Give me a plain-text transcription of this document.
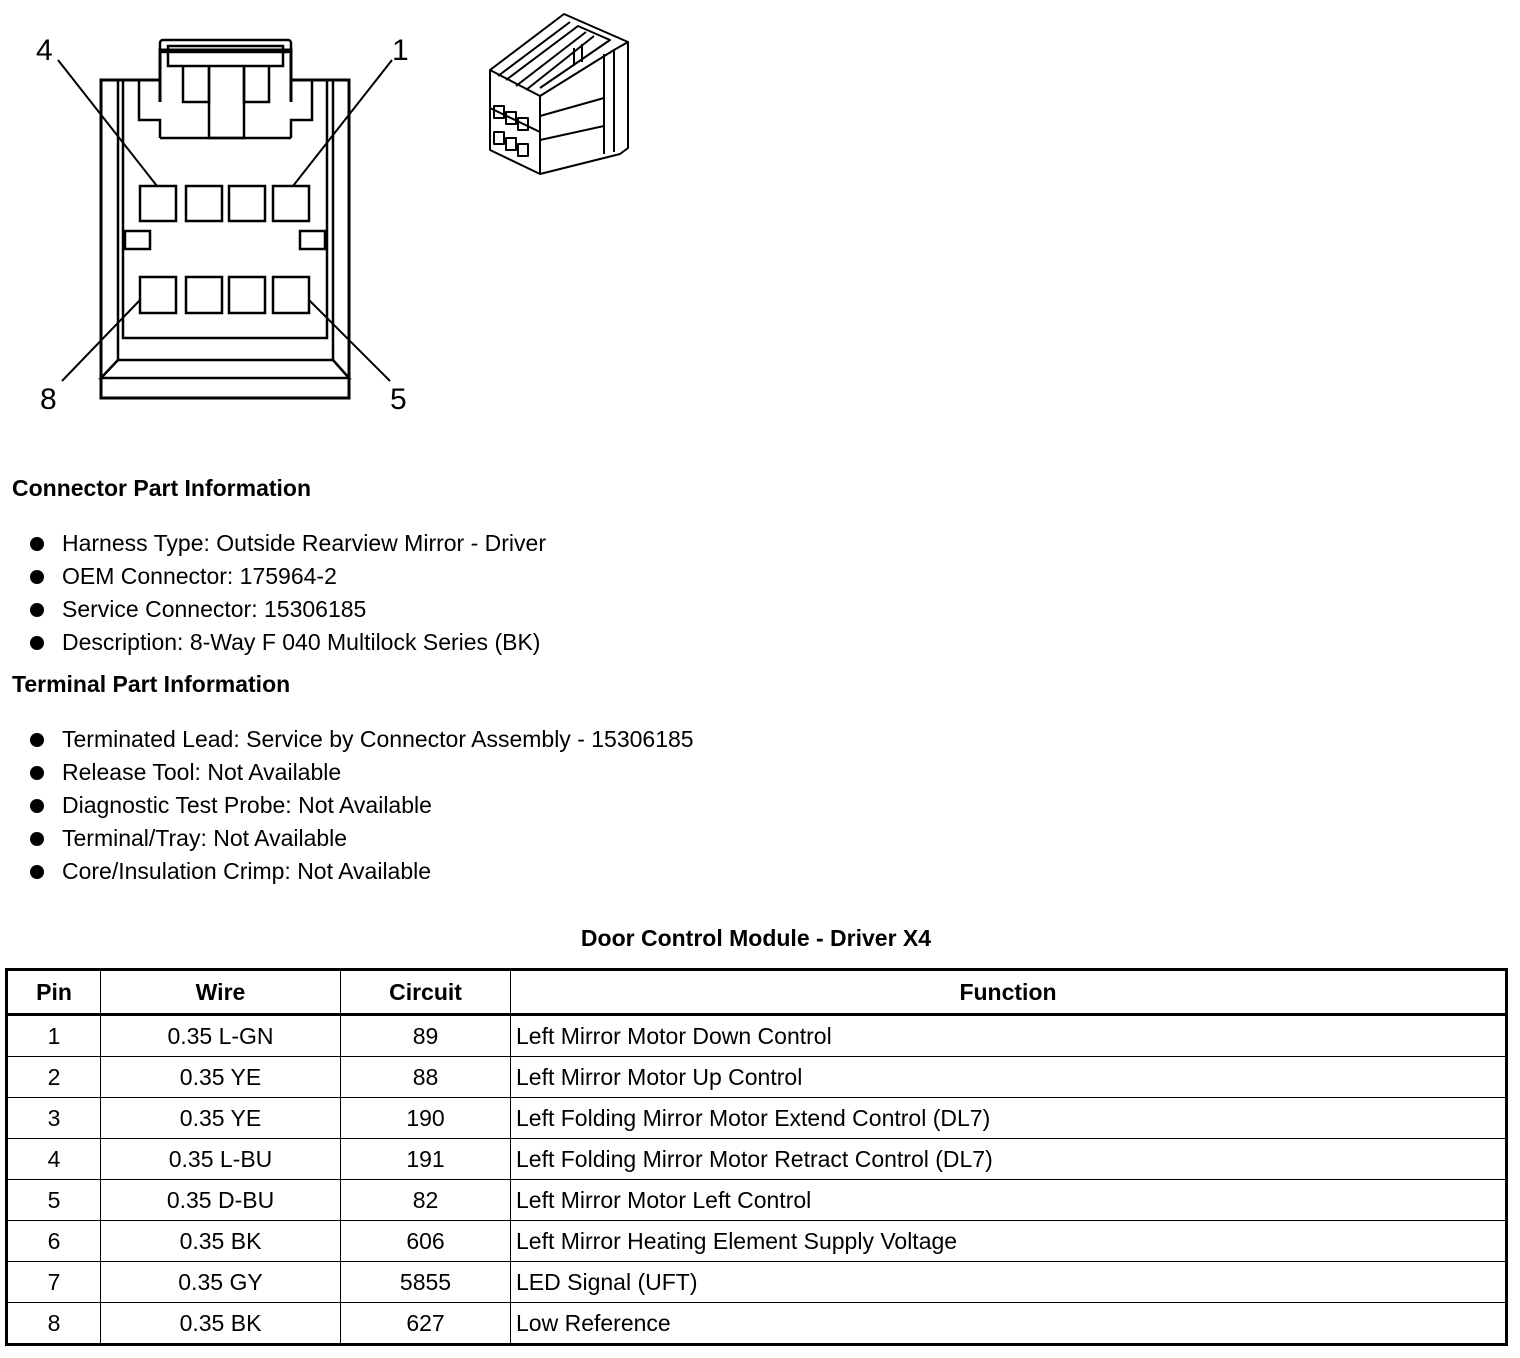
4	1
8	5
Connector Part Information
Harness Type: Outside Rearview Mirror - Driver
OEM Connector: 175964-2
Service Connector: 15306185
Description: 8-Way F 040 Multilock Series (BK)
Terminal Part Information
Terminated Lead: Service by Connector Assembly - 15306185
Release Tool: Not Available
Diagnostic Test Probe: Not Available
Terminal/Tray: Not Available
Core/Insulation Crimp: Not Available
Door Control Module - Driver X4
Pin	Wire	Circuit	Function
1	0.35 L-GN	89	Left Mirror Motor Down Control
2	0.35 YE	88	Left Mirror Motor Up Control
3	0.35 YE	190	Left Folding Mirror Motor Extend Control (DL7)
4	0.35 L-BU	191	Left Folding Mirror Motor Retract Control (DL7)
5	0.35 D-BU	82	Left Mirror Motor Left Control
6	0.35 BK	606	Left Mirror Heating Element Supply Voltage
7	0.35 GY	5855	LED Signal (UFT)
8	0.35 BK	627	Low Reference
